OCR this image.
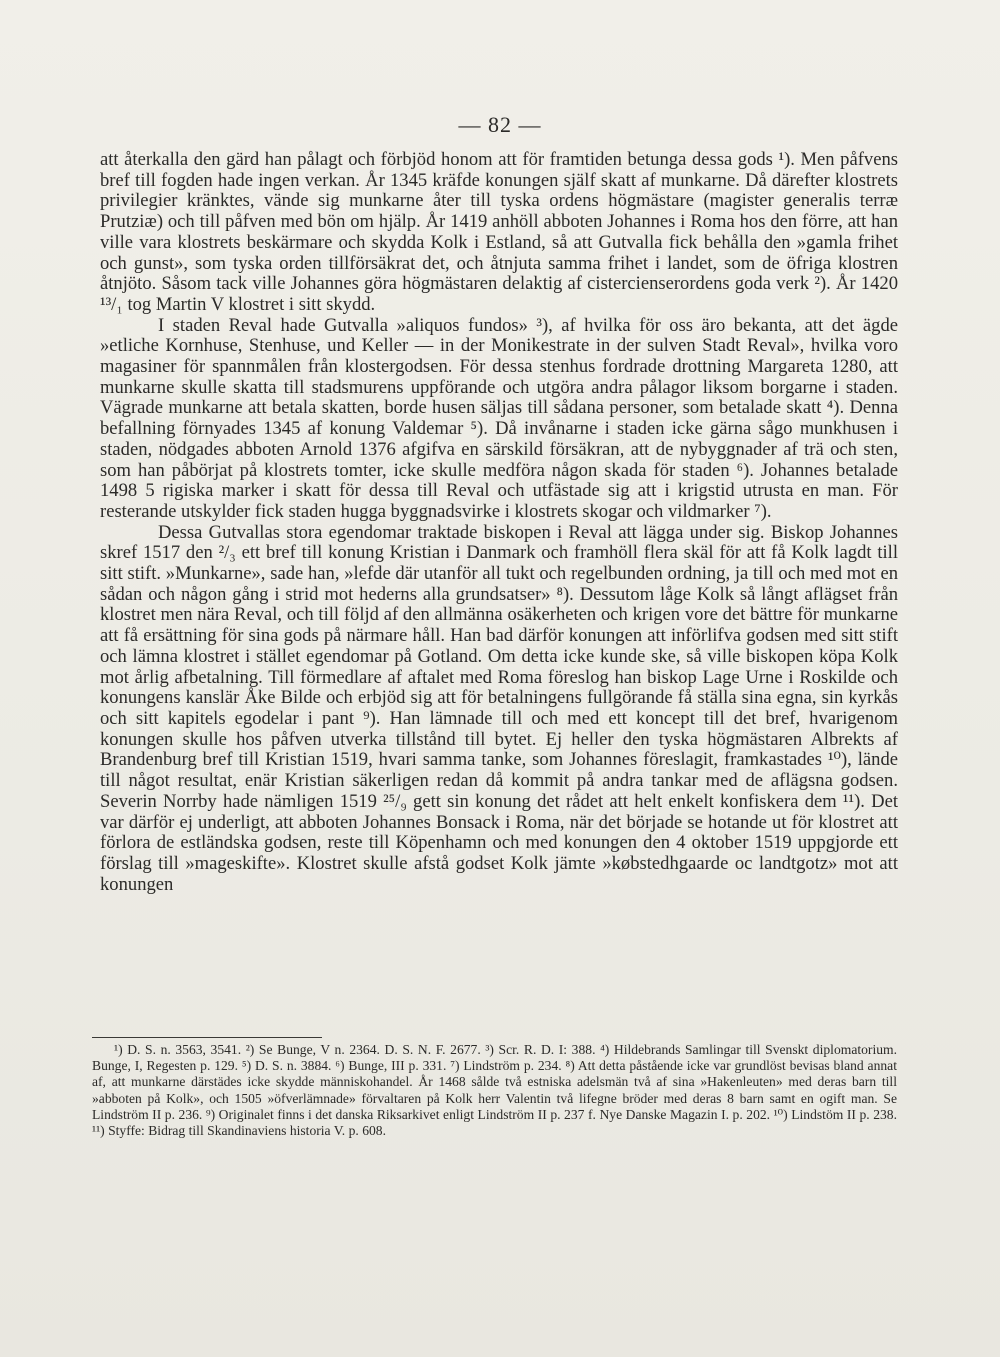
— 82 —

att återkalla den gärd han pålagt och förbjöd honom att för framtiden betunga dessa gods ¹). Men påfvens bref till fogden hade ingen verkan. År 1345 kräfde konungen själf skatt af munkarne. Då därefter klostrets privilegier kränktes, vände sig munkarne åter till tyska ordens högmästare (magister generalis terræ Prutziæ) och till påfven med bön om hjälp. År 1419 anhöll abboten Johannes i Roma hos den förre, att han ville vara klostrets beskärmare och skydda Kolk i Estland, så att Gutvalla fick behålla den »gamla frihet och gunst», som tyska orden tillförsäkrat det, och åtnjuta samma frihet i landet, som de öfriga klostren åtnjöto. Såsom tack ville Johannes göra högmästaren delaktig af cistercienserordens goda verk ²). År 1420 ¹³/₁ tog Martin V klostret i sitt skydd.

I staden Reval hade Gutvalla »aliquos fundos» ³), af hvilka för oss äro bekanta, att det ägde »etliche Kornhuse, Stenhuse, und Keller — in der Monikestrate in der sulven Stadt Reval», hvilka voro magasiner för spannmålen från klostergodsen. För dessa stenhus fordrade drottning Margareta 1280, att munkarne skulle skatta till stadsmurens uppförande och utgöra andra pålagor liksom borgarne i staden. Vägrade munkarne att betala skatten, borde husen säljas till sådana personer, som betalade skatt ⁴). Denna befallning förnyades 1345 af konung Valdemar ⁵). Då invånarne i staden icke gärna sågo munkhusen i staden, nödgades abboten Arnold 1376 afgifva en särskild försäkran, att de nybyggnader af trä och sten, som han påbörjat på klostrets tomter, icke skulle medföra någon skada för staden ⁶). Johannes betalade 1498 5 rigiska marker i skatt för dessa till Reval och utfästade sig att i krigstid utrusta en man. För resterande utskylder fick staden hugga byggnadsvirke i klostrets skogar och vildmarker ⁷).

Dessa Gutvallas stora egendomar traktade biskopen i Reval att lägga under sig. Biskop Johannes skref 1517 den ²/₃ ett bref till konung Kristian i Danmark och framhöll flera skäl för att få Kolk lagdt till sitt stift. »Munkarne», sade han, »lefde där utanför all tukt och regelbunden ordning, ja till och med mot en sådan och någon gång i strid mot hederns alla grundsatser» ⁸). Dessutom låge Kolk så långt aflägset från klostret men nära Reval, och till följd af den allmänna osäkerheten och krigen vore det bättre för munkarne att få ersättning för sina gods på närmare håll. Han bad därför konungen att införlifva godsen med sitt stift och lämna klostret i stället egendomar på Gotland. Om detta icke kunde ske, så ville biskopen köpa Kolk mot årlig afbetalning. Till förmedlare af aftalet med Roma föreslog han biskop Lage Urne i Roskilde och konungens kanslär Åke Bilde och erbjöd sig att för betalningens fullgörande få ställa sina egna, sin kyrkås och sitt kapitels egodelar i pant ⁹). Han lämnade till och med ett koncept till det bref, hvarigenom konungen skulle hos påfven utverka tillstånd till bytet. Ej heller den tyska högmästaren Albrekts af Brandenburg bref till Kristian 1519, hvari samma tanke, som Johannes föreslagit, framkastades ¹⁰), lände till något resultat, enär Kristian säkerligen redan då kommit på andra tankar med de aflägsna godsen. Severin Norrby hade nämligen 1519 ²⁵/₉ gett sin konung det rådet att helt enkelt konfiskera dem ¹¹). Det var därför ej underligt, att abboten Johannes Bonsack i Roma, när det började se hotande ut för klostret att förlora de estländska godsen, reste till Köpenhamn och med konungen den 4 oktober 1519 uppgjorde ett förslag till »mageskifte». Klostret skulle afstå godset Kolk jämte »købstedhgaarde oc landtgotz» mot att konungen

¹) D. S. n. 3563, 3541. ²) Se Bunge, V n. 2364. D. S. N. F. 2677. ³) Scr. R. D. I: 388. ⁴) Hildebrands Samlingar till Svenskt diplomatorium. Bunge, I, Regesten p. 129. ⁵) D. S. n. 3884. ⁶) Bunge, III p. 331. ⁷) Lindström p. 234. ⁸) Att detta påstående icke var grundlöst bevisas bland annat af, att munkarne därstädes icke skydde människohandel. År 1468 sålde två estniska adelsmän två af sina »Hakenleuten» med deras barn till »abboten på Kolk», och 1505 »öfverlämnade» förvaltaren på Kolk herr Valentin två lifegne bröder med deras 8 barn samt en ogift man. Se Lindström II p. 236. ⁹) Originalet finns i det danska Riksarkivet enligt Lindström II p. 237 f. Nye Danske Magazin I. p. 202. ¹⁰) Lindstöm II p. 238. ¹¹) Styffe: Bidrag till Skandinaviens historia V. p. 608.
